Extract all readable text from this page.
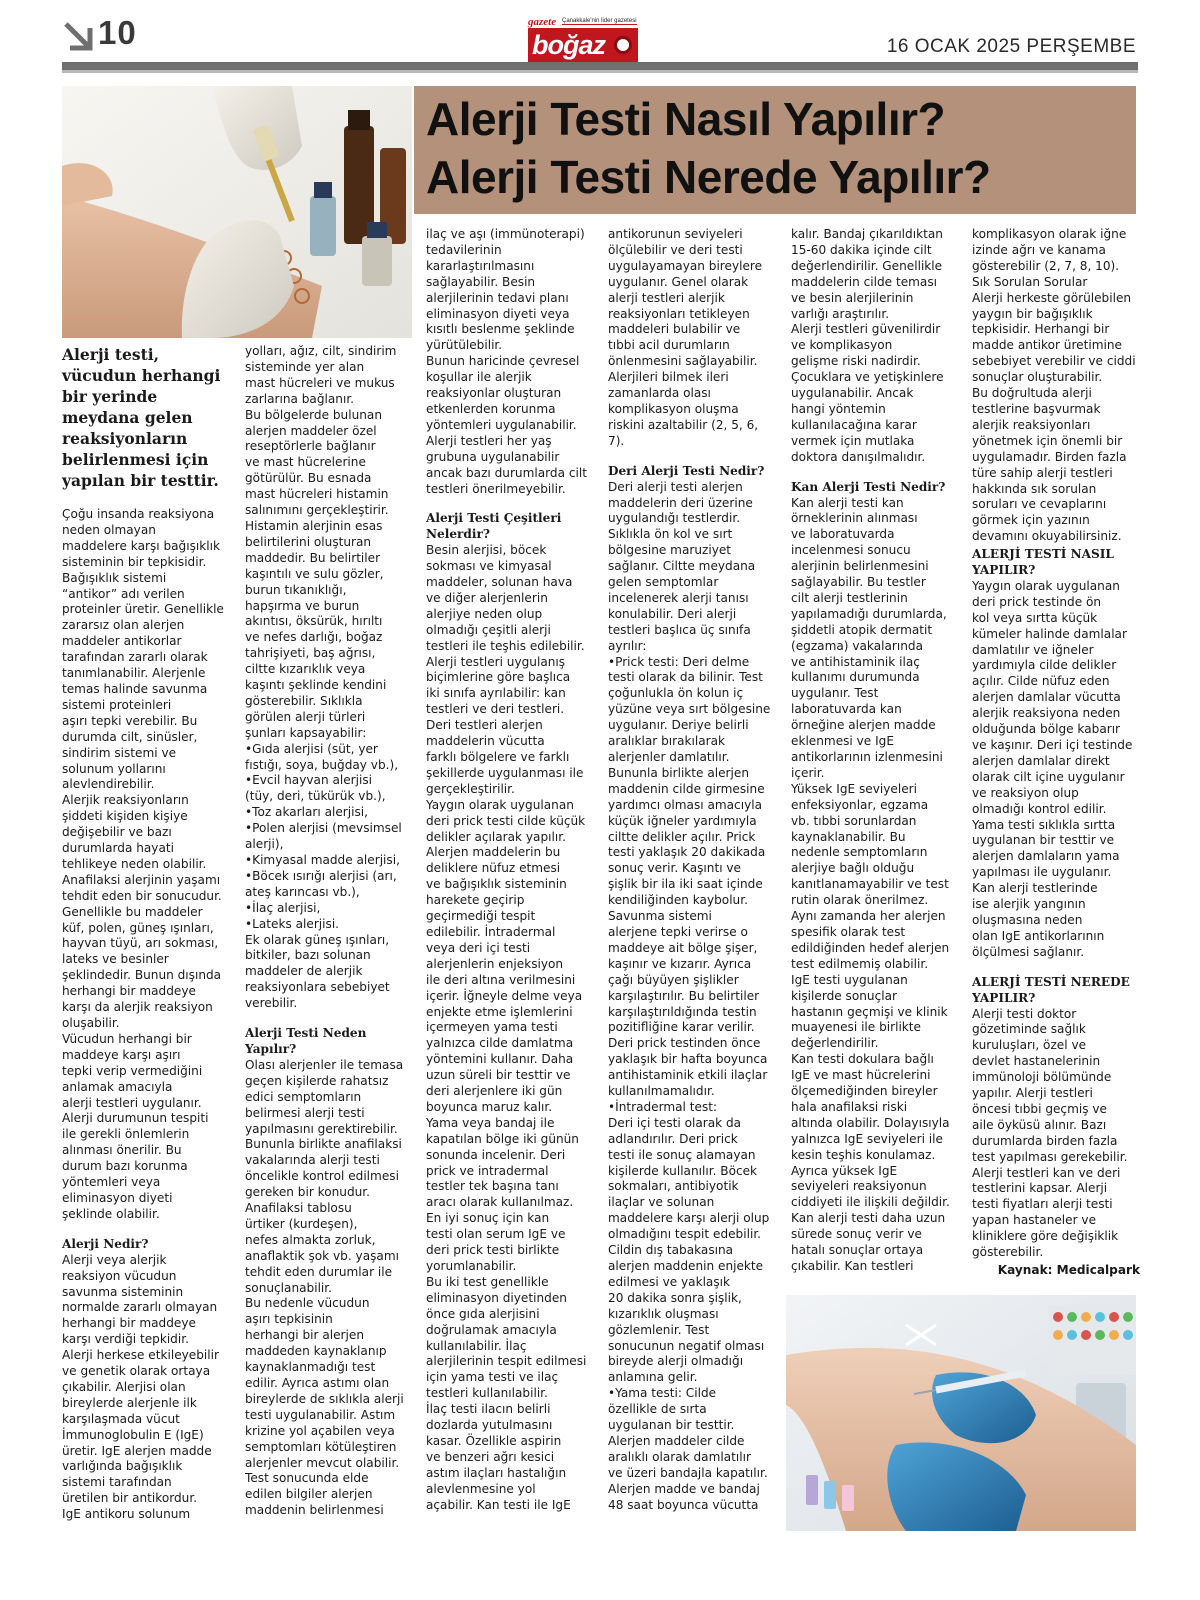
10	gazete Çanakkale'nin lider gazetesi
boğaz	16 OCAK 2025 PERŞEMBE
Alerji Testi Nasıl Yapılır?
Alerji Testi Nerede Yapılır?
Alerji testi,
vücudun herhangi
bir yerinde
meydana gelen
reaksiyonların
belirlenmesi için
yapılan bir testtir.

Çoğu insanda reaksiyona
neden olmayan
maddelere karşı bağışıklık
sisteminin bir tepkisidir.
Bağışıklık sistemi
“antikor” adı verilen
proteinler üretir. Genellikle
zararsız olan alerjen
maddeler antikorlar
tarafından zararlı olarak
tanımlanabilir. Alerjenle
temas halinde savunma
sistemi proteinleri
aşırı tepki verebilir. Bu
durumda cilt, sinüsler,
sindirim sistemi ve
solunum yollarını
alevlendirebilir.
Alerjik reaksiyonların
şiddeti kişiden kişiye
değişebilir ve bazı
durumlarda hayati
tehlikeye neden olabilir.
Anafilaksi alerjinin yaşamı
tehdit eden bir sonucudur.
Genellikle bu maddeler
küf, polen, güneş ışınları,
hayvan tüyü, arı sokması,
lateks ve besinler
şeklindedir. Bunun dışında
herhangi bir maddeye
karşı da alerjik reaksiyon
oluşabilir.
Vücudun herhangi bir
maddeye karşı aşırı
tepki verip vermediğini
anlamak amacıyla
alerji testleri uygulanır.
Alerji durumunun tespiti
ile gerekli önlemlerin
alınması önerilir. Bu
durum bazı korunma
yöntemleri veya
eliminasyon diyeti
şeklinde olabilir.

Alerji Nedir?

Alerji veya alerjik
reaksiyon vücudun
savunma sisteminin
normalde zararlı olmayan
herhangi bir maddeye
karşı verdiği tepkidir.
Alerji herkese etkileyebilir
ve genetik olarak ortaya
çıkabilir. Alerjisi olan
bireylerde alerjenle ilk
karşılaşmada vücut
İmmunoglobulin E (IgE)
üretir. IgE alerjen madde
varlığında bağışıklık
sistemi tarafından
üretilen bir antikordur.
IgE antikoru solunum

yolları, ağız, cilt, sindirim
sisteminde yer alan
mast hücreleri ve mukus
zarlarına bağlanır.
Bu bölgelerde bulunan
alerjen maddeler özel
reseptörlerle bağlanır
ve mast hücrelerine
götürülür. Bu esnada
mast hücreleri histamin
salınımını gerçekleştirir.
Histamin alerjinin esas
belirtilerini oluşturan
maddedir. Bu belirtiler
kaşıntılı ve sulu gözler,
burun tıkanıklığı,
hapşırma ve burun
akıntısı, öksürük, hırıltı
ve nefes darlığı, boğaz
tahrişiyeti, baş ağrısı,
ciltte kızarıklık veya
kaşıntı şeklinde kendini
gösterebilir. Sıklıkla
görülen alerji türleri
şunları kapsayabilir:
•Gıda alerjisi (süt, yer
fıstığı, soya, buğday vb.),
•Evcil hayvan alerjisi
(tüy, deri, tükürük vb.),
•Toz akarları alerjisi,
•Polen alerjisi (mevsimsel
alerji),
•Kimyasal madde alerjisi,
•Böcek ısırığı alerjisi (arı,
ateş karıncası vb.),
•İlaç alerjisi,
•Lateks alerjisi.
Ek olarak güneş ışınları,
bitkiler, bazı solunan
maddeler de alerjik
reaksiyonlara sebebiyet
verebilir.

Alerji Testi Neden
Yapılır?

Olası alerjenler ile temasa
geçen kişilerde rahatsız
edici semptomların
belirmesi alerji testi
yapılmasını gerektirebilir.
Bununla birlikte anafilaksi
vakalarında alerji testi
öncelikle kontrol edilmesi
gereken bir konudur.
Anafilaksi tablosu
ürtiker (kurdeşen),
nefes almakta zorluk,
anaflaktik şok vb. yaşamı
tehdit eden durumlar ile
sonuçlanabilir.
Bu nedenle vücudun
aşırı tepkisinin
herhangi bir alerjen
maddeden kaynaklanıp
kaynaklanmadığı test
edilir. Ayrıca astımı olan
bireylerde de sıklıkla alerji
testi uygulanabilir. Astım
krizine yol açabilen veya
semptomları kötüleştiren
alerjenler mevcut olabilir.
Test sonucunda elde
edilen bilgiler alerjen
maddenin belirlenmesi

ilaç ve aşı (immünoterapi)
tedavilerinin
kararlaştırılmasını
sağlayabilir. Besin
alerjilerinin tedavi planı
eliminasyon diyeti veya
kısıtlı beslenme şeklinde
yürütülebilir.
Bunun haricinde çevresel
koşullar ile alerjik
reaksiyonlar oluşturan
etkenlerden korunma
yöntemleri uygulanabilir.
Alerji testleri her yaş
grubuna uygulanabilir
ancak bazı durumlarda cilt
testleri önerilmeyebilir.

Alerji Testi Çeşitleri
Nelerdir?

Besin alerjisi, böcek
sokması ve kimyasal
maddeler, solunan hava
ve diğer alerjenlerin
alerjiye neden olup
olmadığı çeşitli alerji
testleri ile teşhis edilebilir.
Alerji testleri uygulanış
biçimlerine göre başlıca
iki sınıfa ayrılabilir: kan
testleri ve deri testleri.
Deri testleri alerjen
maddelerin vücutta
farklı bölgelere ve farklı
şekillerde uygulanması ile
gerçekleştirilir.
Yaygın olarak uygulanan
deri prick testi cilde küçük
delikler açılarak yapılır.
Alerjen maddelerin bu
deliklere nüfuz etmesi
ve bağışıklık sisteminin
harekete geçirip
geçirmediği tespit
edilebilir. İntradermal
veya deri içi testi
alerjenlerin enjeksiyon
ile deri altına verilmesini
içerir. İğneyle delme veya
enjekte etme işlemlerini
içermeyen yama testi
yalnızca cilde damlatma
yöntemini kullanır. Daha
uzun süreli bir testtir ve
deri alerjenlere iki gün
boyunca maruz kalır.
Yama veya bandaj ile
kapatılan bölge iki günün
sonunda incelenir. Deri
prick ve intradermal
testler tek başına tanı
aracı olarak kullanılmaz.
En iyi sonuç için kan
testi olan serum IgE ve
deri prick testi birlikte
yorumlanabilir.
Bu iki test genellikle
eliminasyon diyetinden
önce gıda alerjisini
doğrulamak amacıyla
kullanılabilir. İlaç
alerjilerinin tespit edilmesi
için yama testi ve ilaç
testleri kullanılabilir.
İlaç testi ilacın belirli
dozlarda yutulmasını
kasar. Özellikle aspirin
ve benzeri ağrı kesici
astım ilaçları hastalığın
alevlenmesine yol
açabilir. Kan testi ile IgE

antikorunun seviyeleri
ölçülebilir ve deri testi
uygulayamayan bireylere
uygulanır. Genel olarak
alerji testleri alerjik
reaksiyonları tetikleyen
maddeleri bulabilir ve
tıbbi acil durumların
önlenmesini sağlayabilir.
Alerjileri bilmek ileri
zamanlarda olası
komplikasyon oluşma
riskini azaltabilir (2, 5, 6,
7).

Deri Alerji Testi Nedir?

Deri alerji testi alerjen
maddelerin deri üzerine
uygulandığı testlerdir.
Sıklıkla ön kol ve sırt
bölgesine maruziyet
sağlanır. Ciltte meydana
gelen semptomlar
incelenerek alerji tanısı
konulabilir. Deri alerji
testleri başlıca üç sınıfa
ayrılır:
•Prick testi: Deri delme
testi olarak da bilinir. Test
çoğunlukla ön kolun iç
yüzüne veya sırt bölgesine
uygulanır. Deriye belirli
aralıklar bırakılarak
alerjenler damlatılır.
Bununla birlikte alerjen
maddenin cilde girmesine
yardımcı olması amacıyla
küçük iğneler yardımıyla
ciltte delikler açılır. Prick
testi yaklaşık 20 dakikada
sonuç verir. Kaşıntı ve
şişlik bir ila iki saat içinde
kendiliğinden kaybolur.
Savunma sistemi
alerjene tepki verirse o
maddeye ait bölge şişer,
kaşınır ve kızarır. Ayrıca
çağı büyüyen şişlikler
karşılaştırılır. Bu belirtiler
karşılaştırıldığında testin
pozitifliğine karar verilir.
Deri prick testinden önce
yaklaşık bir hafta boyunca
antihistaminik etkili ilaçlar
kullanılmamalıdır.
•İntradermal test:
Deri içi testi olarak da
adlandırılır. Deri prick
testi ile sonuç alamayan
kişilerde kullanılır. Böcek
sokmaları, antibiyotik
ilaçlar ve solunan
maddelere karşı alerji olup
olmadığını tespit edebilir.
Cildin dış tabakasına
alerjen maddenin enjekte
edilmesi ve yaklaşık
20 dakika sonra şişlik,
kızarıklık oluşması
gözlemlenir. Test
sonucunun negatif olması
bireyde alerji olmadığı
anlamına gelir.
•Yama testi: Cilde
özellikle de sırta
uygulanan bir testtir.
Alerjen maddeler cilde
aralıklı olarak damlatılır
ve üzeri bandajla kapatılır.
Alerjen madde ve bandaj
48 saat boyunca vücutta

kalır. Bandaj çıkarıldıktan
15-60 dakika içinde cilt
değerlendirilir. Genellikle
maddelerin cilde teması
ve besin alerjilerinin
varlığı araştırılır.
Alerji testleri güvenilirdir
ve komplikasyon
gelişme riski nadirdir.
Çocuklara ve yetişkinlere
uygulanabilir. Ancak
hangi yöntemin
kullanılacağına karar
vermek için mutlaka
doktora danışılmalıdır.

Kan Alerji Testi Nedir?

Kan alerji testi kan
örneklerinin alınması
ve laboratuvarda
incelenmesi sonucu
alerjinin belirlenmesini
sağlayabilir. Bu testler
cilt alerji testlerinin
yapılamadığı durumlarda,
şiddetli atopik dermatit
(egzama) vakalarında
ve antihistaminik ilaç
kullanımı durumunda
uygulanır. Test
laboratuvarda kan
örneğine alerjen madde
eklenmesi ve IgE
antikorlarının izlenmesini
içerir.
Yüksek IgE seviyeleri
enfeksiyonlar, egzama
vb. tıbbi sorunlardan
kaynaklanabilir. Bu
nedenle semptomların
alerjiye bağlı olduğu
kanıtlanamayabilir ve test
rutin olarak önerilmez.
Aynı zamanda her alerjen
spesifik olarak test
edildiğinden hedef alerjen
test edilmemiş olabilir.
IgE testi uygulanan
kişilerde sonuçlar
hastanın geçmişi ve klinik
muayenesi ile birlikte
değerlendirilir.
Kan testi dokulara bağlı
IgE ve mast hücrelerini
ölçemediğinden bireyler
hala anafilaksi riski
altında olabilir. Dolayısıyla
yalnızca IgE seviyeleri ile
kesin teşhis konulamaz.
Ayrıca yüksek IgE
seviyeleri reaksiyonun
ciddiyeti ile ilişkili değildir.
Kan alerji testi daha uzun
sürede sonuç verir ve
hatalı sonuçlar ortaya
çıkabilir. Kan testleri

komplikasyon olarak iğne
izinde ağrı ve kanama
gösterebilir (2, 7, 8, 10).
Sık Sorulan Sorular
Alerji herkeste görülebilen
yaygın bir bağışıklık
tepkisidir. Herhangi bir
madde antikor üretimine
sebebiyet verebilir ve ciddi
sonuçlar oluşturabilir.
Bu doğrultuda alerji
testlerine başvurmak
alerjik reaksiyonları
yönetmek için önemli bir
uygulamadır. Birden fazla
türe sahip alerji testleri
hakkında sık sorulan
soruları ve cevaplarını
görmek için yazının
devamını okuyabilirsiniz.

ALERJİ TESTİ NASIL
YAPILIR?

Yaygın olarak uygulanan
deri prick testinde ön
kol veya sırtta küçük
kümeler halinde damlalar
damlatılır ve iğneler
yardımıyla cilde delikler
açılır. Cilde nüfuz eden
alerjen damlalar vücutta
alerjik reaksiyona neden
olduğunda bölge kabarır
ve kaşınır. Deri içi testinde
alerjen damlalar direkt
olarak cilt içine uygulanır
ve reaksiyon olup
olmadığı kontrol edilir.
Yama testi sıklıkla sırtta
uygulanan bir testtir ve
alerjen damlaların yama
yapılması ile uygulanır.
Kan alerji testlerinde
ise alerjik yangının
oluşmasına neden
olan IgE antikorlarının
ölçülmesi sağlanır.

ALERJİ TESTİ NEREDE
YAPILIR?

Alerji testi doktor
gözetiminde sağlık
kuruluşları, özel ve
devlet hastanelerinin
immünoloji bölümünde
yapılır. Alerji testleri
öncesi tıbbi geçmiş ve
aile öyküsü alınır. Bazı
durumlarda birden fazla
test yapılması gerekebilir.
Alerji testleri kan ve deri
testlerini kapsar. Alerji
testi fiyatları alerji testi
yapan hastaneler ve
kliniklere göre değişiklik
gösterebilir.

Kaynak: Medicalpark
